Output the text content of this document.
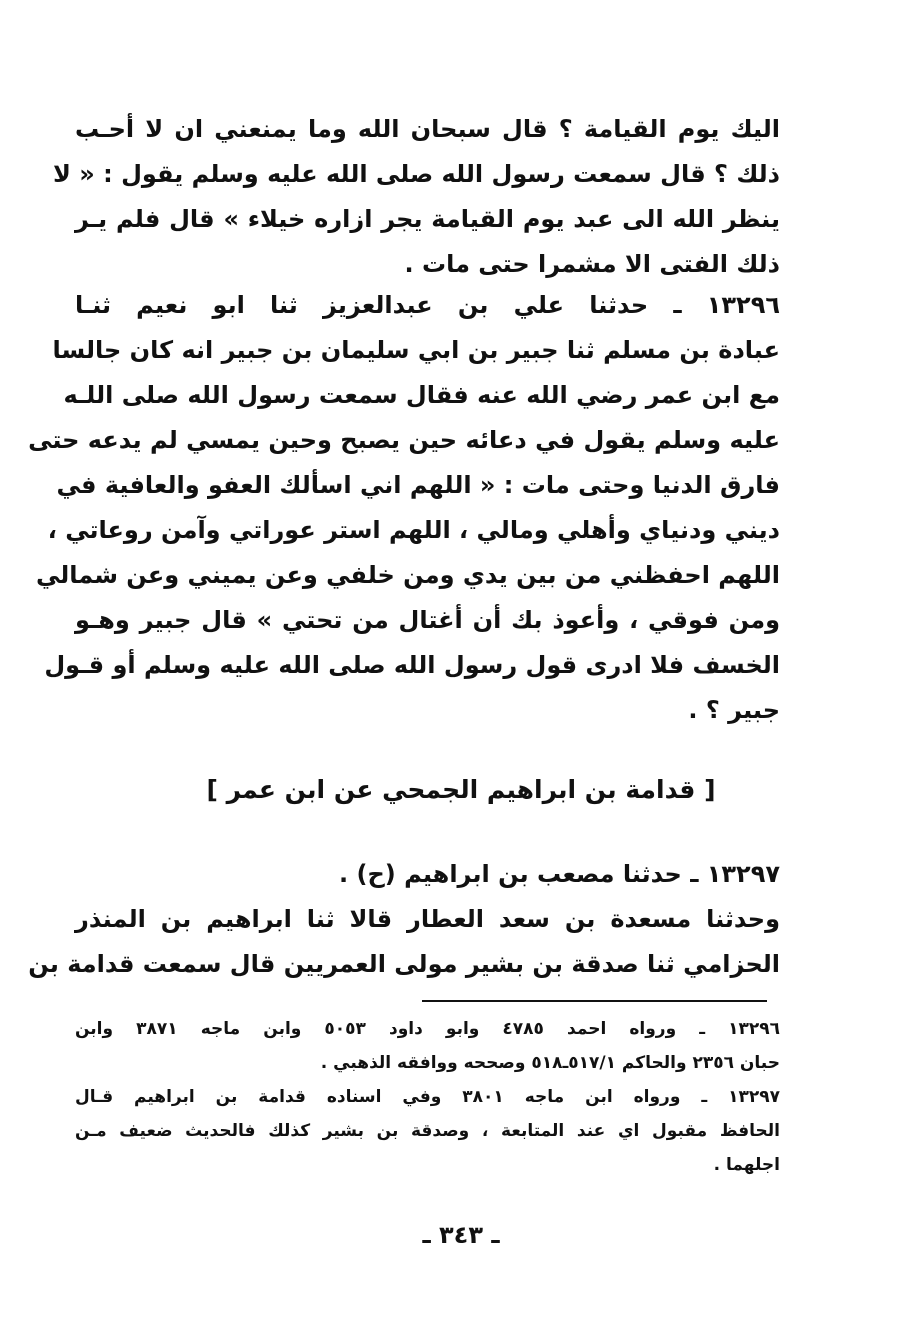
اليك يوم القيامة ؟ قال سبحان الله وما يمنعني ان لا أحـب
ذلك ؟ قال سمعت رسول الله صلى الله عليه وسلم يقول : « لا
ينظر الله الى عبد يوم القيامة يجر ازاره خيلاء » قال فلم يـر
ذلك الفتى الا مشمرا حتى مات .
١٣٢٩٦ ـ حدثنا علي بن عبدالعزيز ثنا ابو نعيم ثنـا
عبادة بن مسلم ثنا جبير بن ابي سليمان بن جبير انه كان جالسا
مع ابن عمر رضي الله عنه فقال سمعت رسول الله صلى اللـه
عليه وسلم يقول في دعائه حين يصبح وحين يمسي لم يدعه حتى
فارق الدنيا وحتى مات : « اللهم اني اسألك العفو والعافية في
ديني ودنياي وأهلي ومالي ، اللهم استر عوراتي وآمن روعاتي ،
اللهم احفظني من بين يدي ومن خلفي وعن يميني وعن شمالي
ومن فوقي ، وأعوذ بك أن أغتال من تحتي » قال جبير وهـو
الخسف فلا ادرى قول رسول الله صلى الله عليه وسلم أو قـول
جبير ؟ .
[ قدامة بن ابراهيم الجمحي عن ابن عمر ]
١٣٢٩٧ ـ حدثنا مصعب بن ابراهيم (ح) .
وحدثنا مسعدة بن سعد العطار قالا ثنا ابراهيم بن المنذر
الحزامي ثنا صدقة بن بشير مولى العمريين قال سمعت قدامة بن
١٣٢٩٦ ـ ورواه احمد ٤٧٨٥ وابو داود ٥٠٥٣ وابن ماجه ٣٨٧١ وابن
حبان ٢٣٥٦ والحاكم ٥١٧/١ـ٥١٨ وصححه ووافقه الذهبي .
١٣٢٩٧ ـ ورواه ابن ماجه ٣٨٠١ وفي اسناده قدامة بن ابراهيم قـال
الحافظ مقبول اي عند المتابعة ، وصدقة بن بشير كذلك فالحديث ضعيف مـن
اجلهما .
ـ ٣٤٣ ـ
